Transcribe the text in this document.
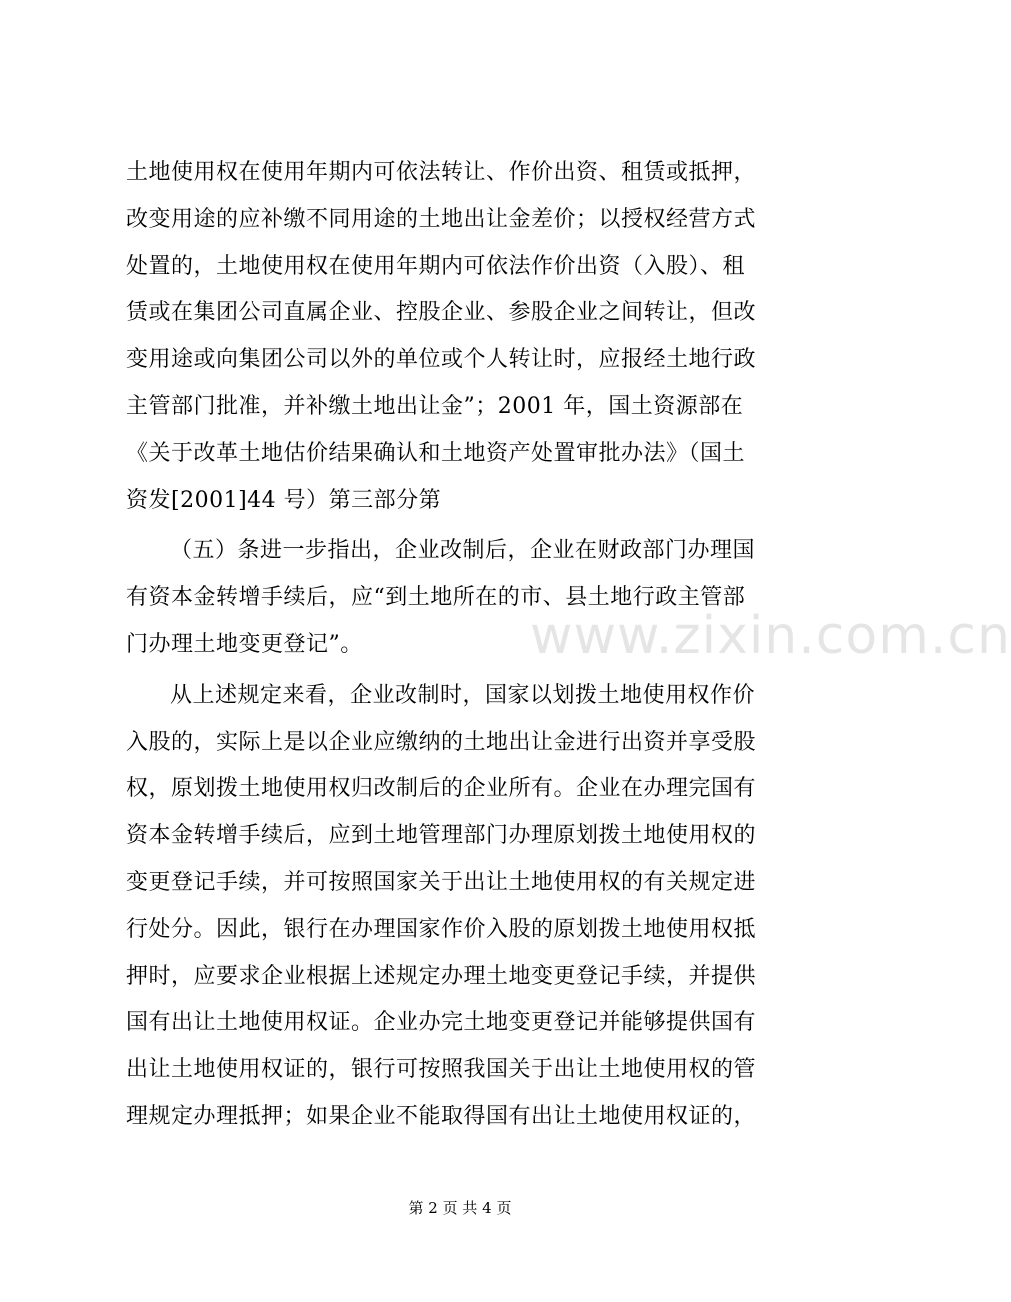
土地使用权在使用年期内可依法转让、作价出资、租赁或抵押，
改变用途的应补缴不同用途的土地出让金差价；以授权经营方式
处置的，土地使用权在使用年期内可依法作价出资（入股）、租
赁或在集团公司直属企业、控股企业、参股企业之间转让，但改
变用途或向集团公司以外的单位或个人转让时，应报经土地行政
主管部门批准，并补缴土地出让金”；2001 年，国土资源部在
《关于改革土地估价结果确认和土地资产处置审批办法》（国土
资发[2001]44 号）第三部分第
（五）条进一步指出，企业改制后，企业在财政部门办理国
有资本金转增手续后，应“到土地所在的市、县土地行政主管部
门办理土地变更登记”。
从上述规定来看，企业改制时，国家以划拨土地使用权作价
入股的，实际上是以企业应缴纳的土地出让金进行出资并享受股
权，原划拨土地使用权归改制后的企业所有。企业在办理完国有
资本金转增手续后，应到土地管理部门办理原划拨土地使用权的
变更登记手续，并可按照国家关于出让土地使用权的有关规定进
行处分。因此，银行在办理国家作价入股的原划拨土地使用权抵
押时，应要求企业根据上述规定办理土地变更登记手续，并提供
国有出让土地使用权证。企业办完土地变更登记并能够提供国有
出让土地使用权证的，银行可按照我国关于出让土地使用权的管
理规定办理抵押；如果企业不能取得国有出让土地使用权证的，
www.zixin.com.cn
第 2 页 共 4 页
